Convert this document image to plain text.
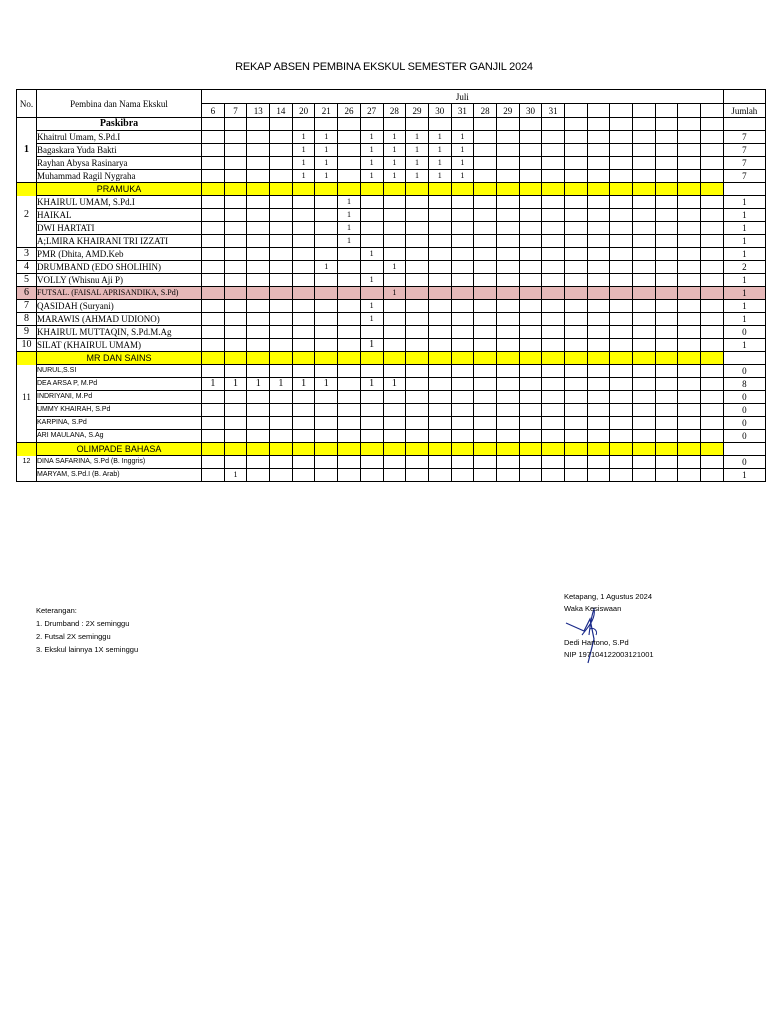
REKAP ABSEN PEMBINA EKSKUL SEMESTER GANJIL 2024
No.	Pembina dan Nama Ekskul	Juli																							
		6	7	13	14	20	21	26	27	28	29	30	31	28	29	30	31								Jumlah
	Paskibra																								
	Khaitrul Umam, S.Pd.I					1	1		1	1	1	1	1												7
1	Bagaskara Yuda Bakti					1	1		1	1	1	1	1												7
	Rayhan Abysa Rasinarya					1	1		1	1	1	1	1												7
	Muhammad Ragil Nygraha					1	1		1	1	1	1	1												7
	PRAMUKA																								
	KHAIRUL UMAM, S.Pd.I							1																	1
2	HAIKAL							1																	1
	DWI HARTATI							1																	1
	A;LMIRA KHAIRANI TRI IZZATI							1																	1
3	PMR (Dhita, AMD.Keb								1																1
4	DRUMBAND (EDO SHOLIHIN)						1			1															2
5	VOLLY (Whisnu Aji P)								1																1
6	FUTSAL. (FAISAL APRISANDIKA, S.Pd)									1															1
7	QASIDAH (Suryani)								1																1
8	MARAWIS (AHMAD UDIONO)								1																1
9	KHAIRUL MUTTAQIN, S.Pd.M.Ag																								0
10	SILAT (KHAIRUL UMAM)								1																1
	MR DAN SAINS																								
	NURUL,S.SI																								0
	DEA ARSA P, M.Pd	1	1	1	1	1	1		1	1															8
11	INDRIYANI, M.Pd																								0
	UMMY KHAIRAH, S.Pd																								0
	KARPINA, S.Pd																								0
	ARI MAULANA, S.Ag																								0
	OLIMPADE BAHASA																								
12	DINA SAFARINA, S.Pd (B. Inggris)																								0
	MARYAM, S.Pd.I (B. Arab)		1																						1
Keterangan:
1. Drumband : 2X seminggu
2. Futsal 2X seminggu
3. Ekskul lainnya 1X seminggu
Ketapang, 1 Agustus 2024
Waka Kesiswaan
Dedi Hartono, S.Pd
NIP 197104122003121001
